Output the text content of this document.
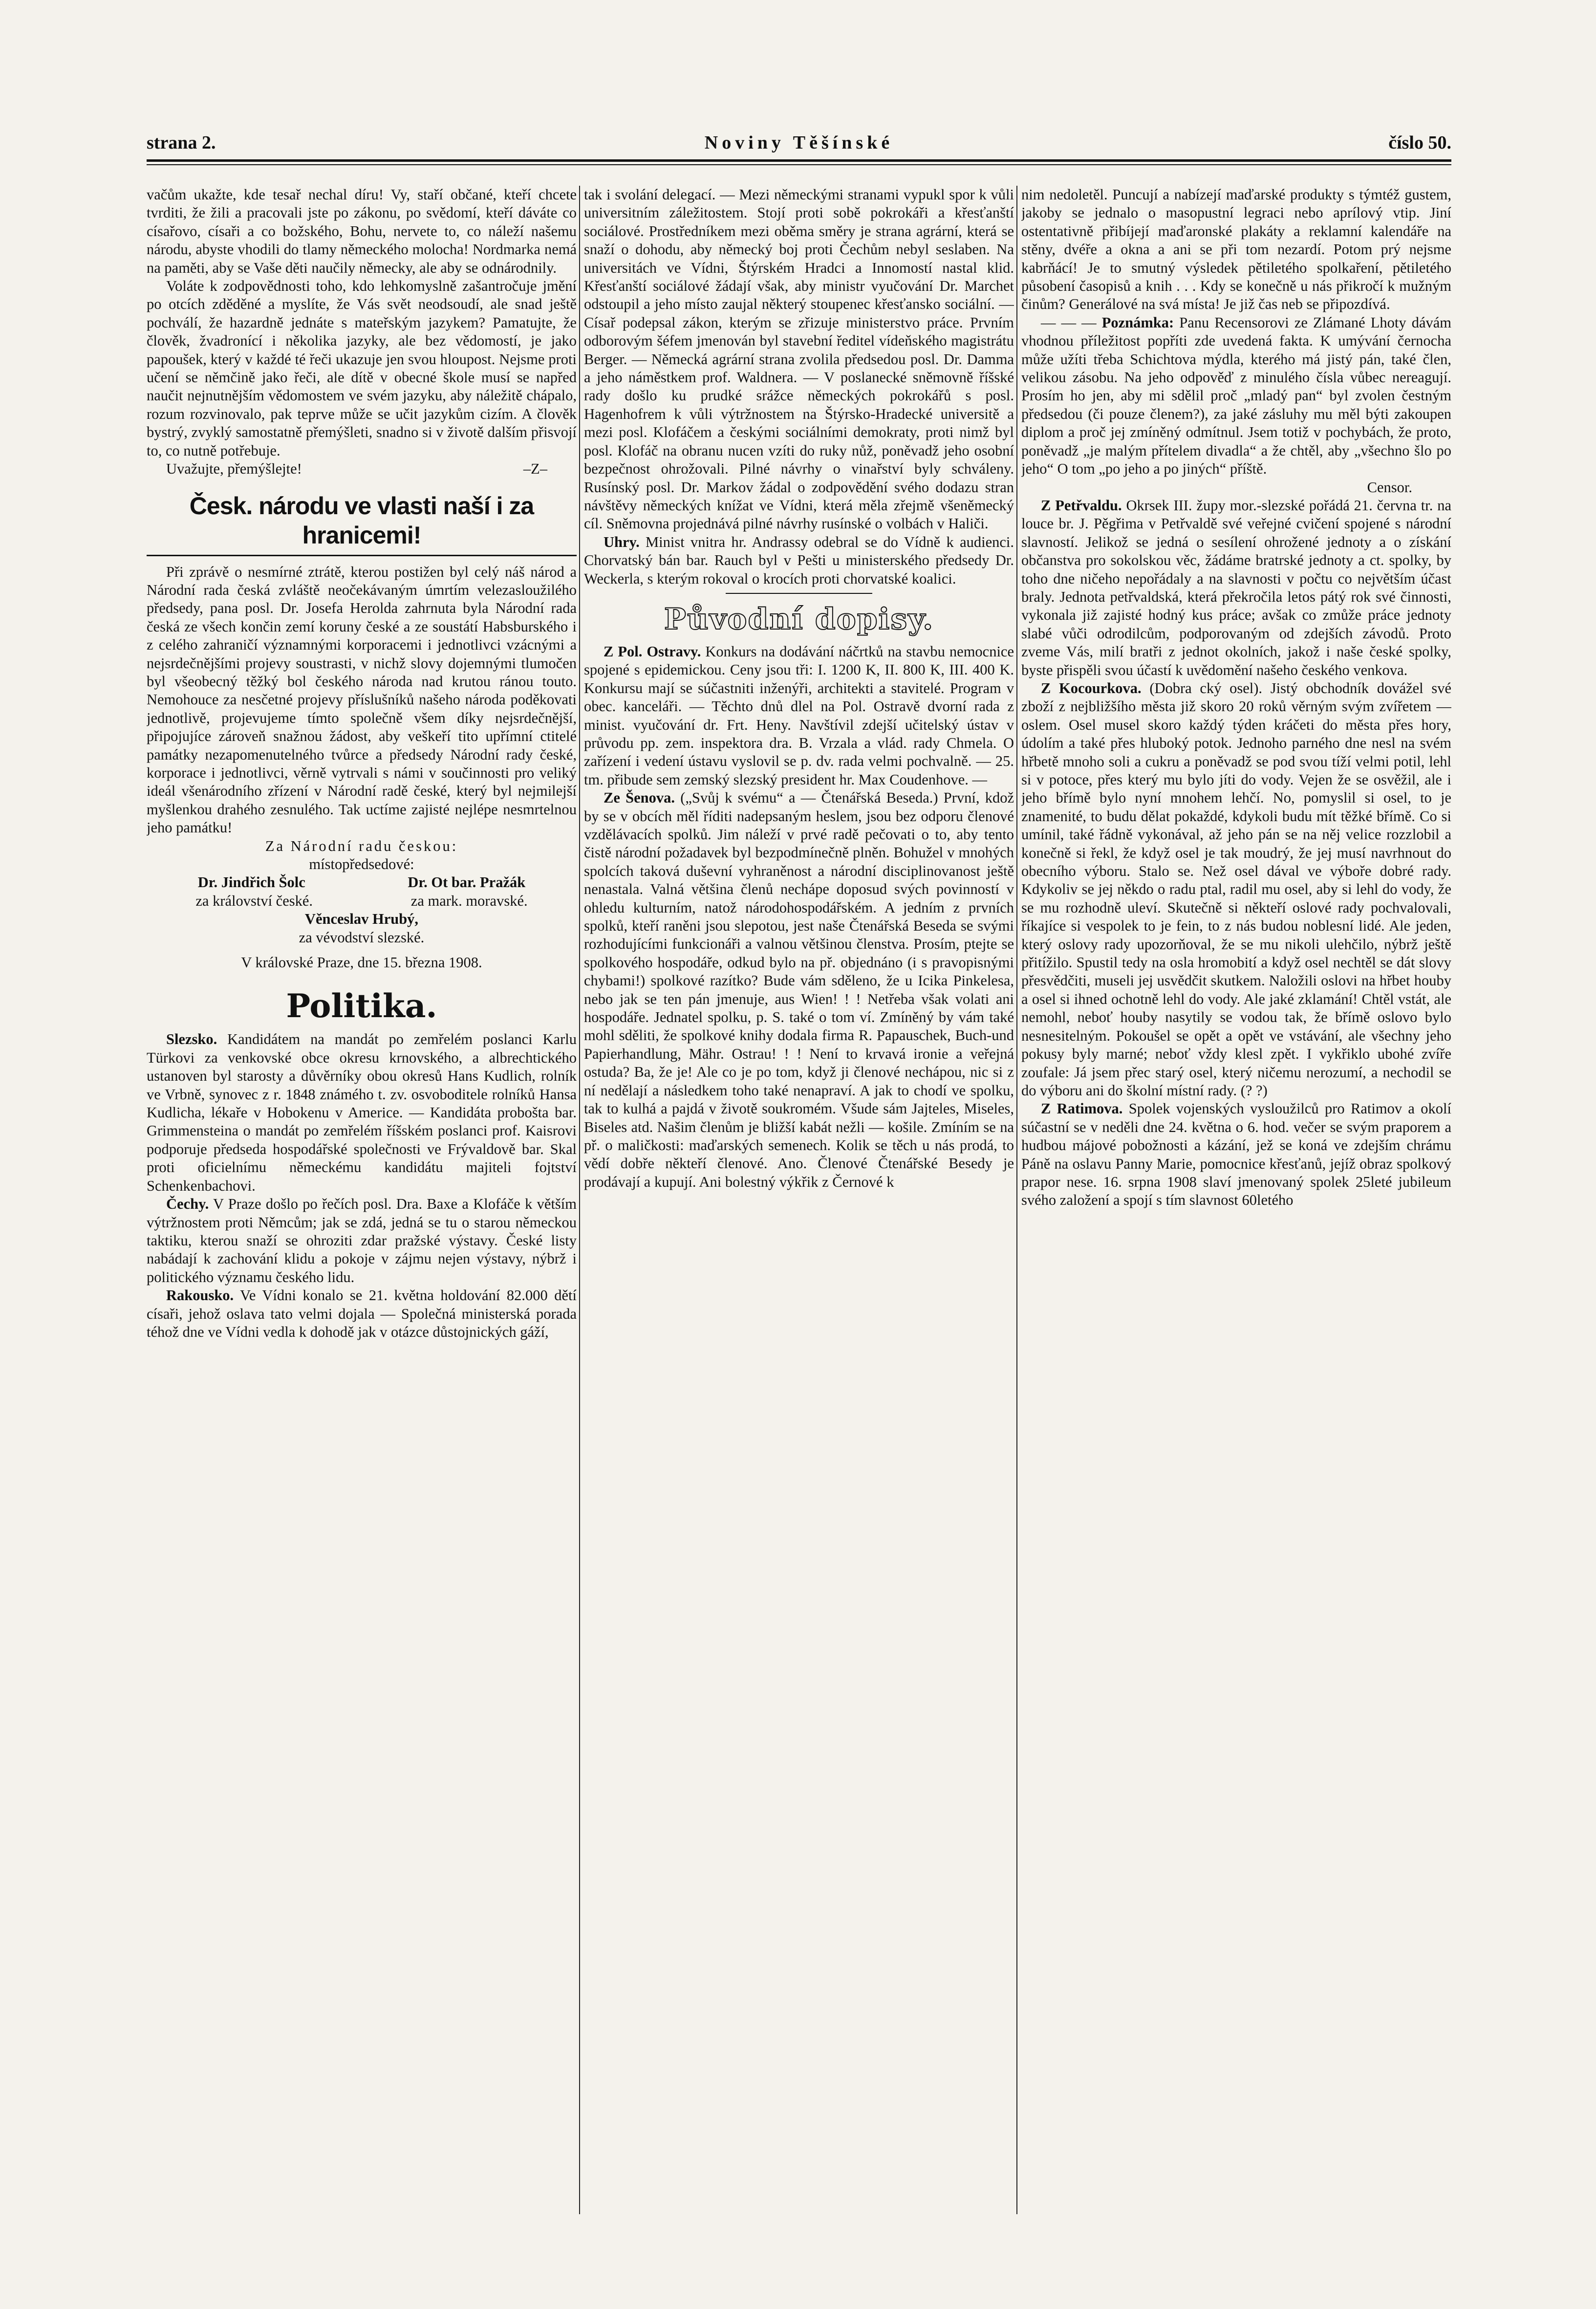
strana 2.	Noviny Těšínské	číslo 50.

vačům ukažte, kde tesař nechal díru! Vy, staří občané, kteří chcete tvrditi, že žili a pracovali jste po zákonu, po svědomí, kteří dáváte co císařovo, císaři a co božského, Bohu, nervete to, co náleží našemu národu, abyste vhodili do tlamy německého molocha! Nordmarka nemá na paměti, aby se Vaše děti naučily německy, ale aby se odnárodnily.

Voláte k zodpovědnosti toho, kdo lehkomyslně zašantročuje jmění po otcích zděděné a myslíte, že Vás svět neodsoudí, ale snad ještě pochválí, že hazardně jednáte s mateřským jazykem? Pamatujte, že člověk, žvadronící i několika jazyky, ale bez vědomostí, je jako papoušek, který v každé té řeči ukazuje jen svou hloupost. Nejsme proti učení se němčině jako řeči, ale dítě v obecné škole musí se napřed naučit nejnutnějším vědomostem ve svém jazyku, aby náležitě chápalo, rozum rozvinovalo, pak teprve může se učit jazykům cizím. A člověk bystrý, zvyklý samostatně přemýšleti, snadno si v životě dalším přisvojí to, co nutně potřebuje.

Uvažujte, přemýšlejte!	–Z–

Česk. národu ve vlasti naší i za hranicemi!

Při zprávě o nesmírné ztrátě, kterou postižen byl celý náš národ a Národní rada česká zvláště neočekávaným úmrtím velezasloužilého předsedy, pana posl. Dr. Josefa Herolda zahrnuta byla Národní rada česká ze všech končin zemí koruny české a ze soustátí Habsburského i z celého zahraničí významnými korporacemi i jednotlivci vzácnými a nejsrdečnějšími projevy soustrasti, v nichž slovy dojemnými tlumočen byl všeobecný těžký bol českého národa nad krutou ránou touto. Nemohouce za nesčetné projevy příslušníků našeho národa poděkovati jednotlivě, projevujeme tímto společně všem díky nejsrdečnější, připojujíce zároveň snažnou žádost, aby veškeří tito upřímní ctitelé památky nezapomenutelného tvůrce a předsedy Národní rady české, korporace i jednotlivci, věrně vytrvali s námi v součinnosti pro veliký ideál všenárodního zřízení v Národní radě české, který byl nejmilejší myšlenkou drahého zesnulého. Tak uctíme zajisté nejlépe nesmrtelnou jeho památku!

Za Národní radu českou:

místopředsedové:

Dr. Jindřich Šolc	Dr. Ot bar. Pražák
za království české.	za mark. moravské.

Věnceslav Hrubý,

za vévodství slezské.

V královské Praze, dne 15. března 1908.

Politika.

Slezsko. Kandidátem na mandát po zemřelém poslanci Karlu Türkovi za venkovské obce okresu krnovského, a albrechtického ustanoven byl starosty a důvěrníky obou okresů Hans Kudlich, rolník ve Vrbně, synovec z r. 1848 známého t. zv. osvoboditele rolníků Hansa Kudlicha, lékaře v Hobokenu v Americe. — Kandidáta probošta bar. Grimmensteina o mandát po zemřelém říšském poslanci prof. Kaisrovi podporuje předseda hospodářské společnosti ve Frývaldově bar. Skal proti oficielnímu německému kandidátu majiteli fojtství Schenkenbachovi.

Čechy. V Praze došlo po řečích posl. Dra. Baxe a Klofáče k větším výtržnostem proti Němcům; jak se zdá, jedná se tu o starou německou taktiku, kterou snaží se ohroziti zdar pražské výstavy. České listy nabádají k zachování klidu a pokoje v zájmu nejen výstavy, nýbrž i politického významu českého lidu.

Rakousko. Ve Vídni konalo se 21. května holdování 82.000 dětí císaři, jehož oslava tato velmi dojala — Společná ministerská porada téhož dne ve Vídni vedla k dohodě jak v otázce důstojnických gáží,

tak i svolání delegací. — Mezi německými stranami vypukl spor k vůli universitním záležitostem. Stojí proti sobě pokrokáři a křesťanští sociálové. Prostředníkem mezi oběma směry je strana agrární, která se snaží o dohodu, aby německý boj proti Čechům nebyl seslaben. Na universitách ve Vídni, Štýrském Hradci a Innomostí nastal klid. Křesťanští sociálové žádají však, aby ministr vyučování Dr. Marchet odstoupil a jeho místo zaujal některý stoupenec křesťansko sociální. — Císař podepsal zákon, kterým se zřizuje ministerstvo práce. Prvním odborovým šéfem jmenován byl stavební ředitel vídeňského magistrátu Berger. — Německá agrární strana zvolila předsedou posl. Dr. Damma a jeho náměstkem prof. Waldnera. — V poslanecké sněmovně říšské rady došlo ku prudké srážce německých pokrokářů s posl. Hagenhofrem k vůli výtržnostem na Štýrsko-Hradecké universitě a mezi posl. Klofáčem a českými sociálními demokraty, proti nimž byl posl. Klofáč na obranu nucen vzíti do ruky nůž, poněvadž jeho osobní bezpečnost ohrožovali. Pilné návrhy o vinařství byly schváleny. Rusínský posl. Dr. Markov žádal o zodpovědění svého dodazu stran návštěvy německých knížat ve Vídni, která měla zřejmě všeněmecký cíl. Sněmovna projednává pilné návrhy rusínské o volbách v Haliči.

Uhry. Minist vnitra hr. Andrassy odebral se do Vídně k audienci. Chorvatský bán bar. Rauch byl v Pešti u ministerského předsedy Dr. Weckerla, s kterým rokoval o krocích proti chorvatské koalici.

Původní dopisy.

Z Pol. Ostravy. Konkurs na dodávání náčrtků na stavbu nemocnice spojené s epidemickou. Ceny jsou tři: I. 1200 K, II. 800 K, III. 400 K. Konkursu mají se súčastniti inženýři, architekti a stavitelé. Program v obec. kanceláři. — Těchto dnů dlel na Pol. Ostravě dvorní rada z minist. vyučování dr. Frt. Heny. Navštívil zdejší učitelský ústav v průvodu pp. zem. inspektora dra. B. Vrzala a vlád. rady Chmela. O zařízení i vedení ústavu vyslovil se p. dv. rada velmi pochvalně. — 25. tm. přibude sem zemský slezský president hr. Max Coudenhove. —

Ze Šenova. („Svůj k svému“ a — Čtenářská Beseda.) První, kdož by se v obcích měl říditi nadepsaným heslem, jsou bez odporu členové vzdělávacích spolků. Jim náleží v prvé radě pečovati o to, aby tento čistě národní požadavek byl bezpodmínečně plněn. Bohužel v mnohých spolcích taková duševní vyhraněnost a národní disciplinovanost ještě nenastala. Valná většina členů nechápe doposud svých povinností v ohledu kulturním, natož národohospodářském. A jedním z prvních spolků, kteří raněni jsou slepotou, jest naše Čtenářská Beseda se svými rozhodujícími funkcionáři a valnou většinou členstva. Prosím, ptejte se spolkového hospodáře, odkud bylo na př. objednáno (i s pravopisnými chybami!) spolkové razítko? Bude vám sděleno, že u Icika Pinkelesa, nebo jak se ten pán jmenuje, aus Wien! ! ! Netřeba však volati ani hospodáře. Jednatel spolku, p. S. také o tom ví. Zmíněný by vám také mohl sděliti, že spolkové knihy dodala firma R. Papauschek, Buch-und Papierhandlung, Mähr. Ostrau! ! ! Není to krvavá ironie a veřejná ostuda? Ba, že je! Ale co je po tom, když ji členové nechápou, nic si z ní nedělají a následkem toho také nenapraví. A jak to chodí ve spolku, tak to kulhá a pajdá v životě soukromém. Všude sám Jajteles, Miseles, Biseles atd. Našim členům je bližší kabát nežli — košile. Zmíním se na př. o maličkosti: maďarských semenech. Kolik se těch u nás prodá, to vědí dobře někteří členové. Ano. Členové Čtenářské Besedy je prodávají a kupují. Ani bolestný výkřik z Černové k

nim nedoletěl. Puncují a nabízejí maďarské produkty s týmtéž gustem, jakoby se jednalo o masopustní legraci nebo aprílový vtip. Jiní ostentativně přibíjejí maďaronské plakáty a reklamní kalendáře na stěny, dvéře a okna a ani se při tom nezardí. Potom prý nejsme kabrňácí! Je to smutný výsledek pětiletého spolkaření, pětiletého působení časopisů a knih . . . Kdy se konečně u nás přikročí k mužným činům? Generálové na svá místa! Je již čas neb se připozdívá.

— — — Poznámka: Panu Recensorovi ze Zlámané Lhoty dávám vhodnou příležitost popříti zde uvedená fakta. K umývání černocha může užíti třeba Schichtova mýdla, kterého má jistý pán, také člen, velikou zásobu. Na jeho odpověď z minulého čísla vůbec nereagují. Prosím ho jen, aby mi sdělil proč „mladý pan“ byl zvolen čestným předsedou (či pouze členem?), za jaké zásluhy mu měl býti zakoupen diplom a proč jej zmíněný odmítnul. Jsem totiž v pochybách, že proto, poněvadž „je malým přítelem divadla“ a že chtěl, aby „všechno šlo po jeho“ O tom „po jeho a po jiných“ příště.

Censor.

Z Petřvaldu. Okrsek III. župy mor.-slezské pořádá 21. června tr. na louce br. J. Pěgřima v Petřvaldě své veřejné cvičení spojené s národní slavností. Jelikož se jedná o sesílení ohrožené jednoty a o získání občanstva pro sokolskou věc, žádáme bratrské jednoty a ct. spolky, by toho dne ničeho nepořádaly a na slavnosti v počtu co největším účast braly. Jednota petřvaldská, která překročila letos pátý rok své činnosti, vykonala již zajisté hodný kus práce; avšak co zmůže práce jednoty slabé vůči odrodilcům, podporovaným od zdejších závodů. Proto zveme Vás, milí bratři z jednot okolních, jakož i naše české spolky, byste přispěli svou účastí k uvědomění našeho českého venkova.

Z Kocourkova. (Dobra cký osel). Jistý obchodník dovážel své zboží z nejbližšího města již skoro 20 roků věrným svým zvířetem — oslem. Osel musel skoro každý týden kráčeti do města přes hory, údolím a také přes hluboký potok. Jednoho parného dne nesl na svém hřbetě mnoho soli a cukru a poněvadž se pod svou tíží velmi potil, lehl si v potoce, přes který mu bylo jíti do vody. Vejen že se osvěžil, ale i jeho břímě bylo nyní mnohem lehčí. No, pomyslil si osel, to je znamenité, to budu dělat pokaždé, kdykoli budu mít těžké břímě. Co si umínil, také řádně vykonával, až jeho pán se na něj velice rozzlobil a konečně si řekl, že když osel je tak moudrý, že jej musí navrhnout do obecního výboru. Stalo se. Než osel dával ve výboře dobré rady. Kdykoliv se jej někdo o radu ptal, radil mu osel, aby si lehl do vody, že se mu rozhodně uleví. Skutečně si někteří oslové rady pochvalovali, říkajíce si vespolek to je fein, to z nás budou noblesní lidé. Ale jeden, který oslovy rady upozorňoval, že se mu nikoli ulehčilo, nýbrž ještě přitížilo. Spustil tedy na osla hromobití a když osel nechtěl se dát slovy přesvědčiti, museli jej usvědčit skutkem. Naložili oslovi na hřbet houby a osel si ihned ochotně lehl do vody. Ale jaké zklamání! Chtěl vstát, ale nemohl, neboť houby nasytily se vodou tak, že břímě oslovo bylo nesnesitelným. Pokoušel se opět a opět ve vstávání, ale všechny jeho pokusy byly marné; neboť vždy klesl zpět. I vykřiklo ubohé zvíře zoufale: Já jsem přec starý osel, který ničemu nerozumí, a nechodil se do výboru ani do školní místní rady. (? ?)

Z Ratimova. Spolek vojenských vysloužilců pro Ratimov a okolí súčastní se v neděli dne 24. května o 6. hod. večer se svým praporem a hudbou májové pobožnosti a kázání, jež se koná ve zdejším chrámu Páně na oslavu Panny Marie, pomocnice křesťanů, jejíž obraz spolkový prapor nese. 16. srpna 1908 slaví jmenovaný spolek 25leté jubileum svého založení a spojí s tím slavnost 60letého
